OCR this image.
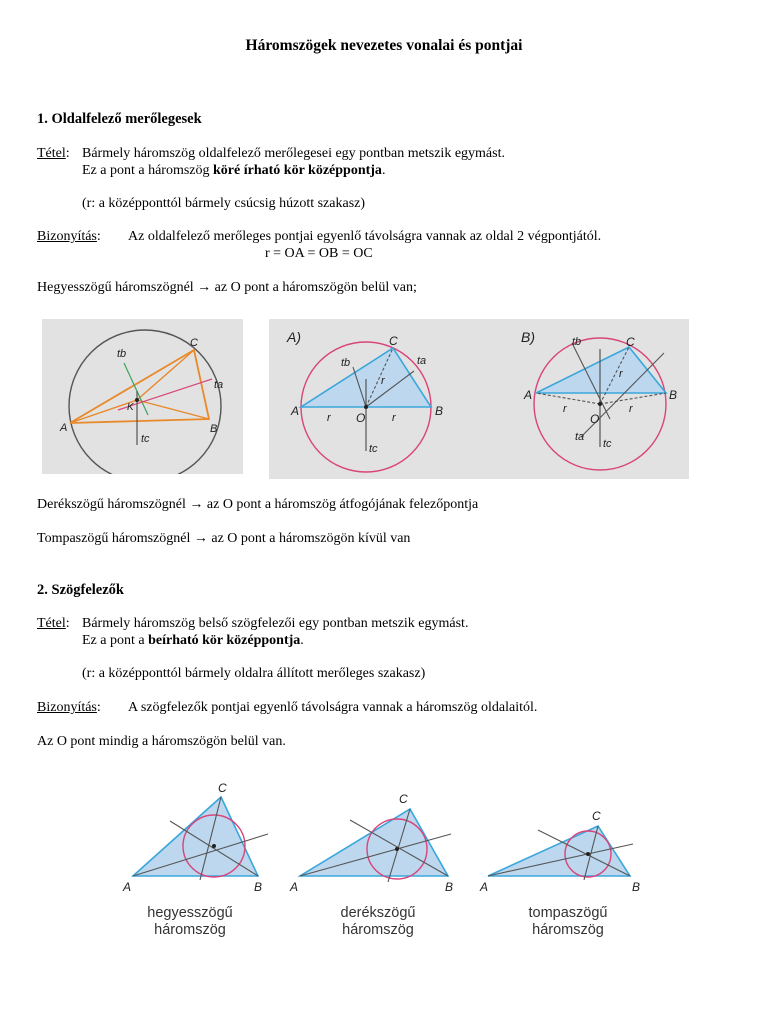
Háromszögek nevezetes vonalai és pontjai
1. Oldalfelező merőlegesek
Tétel: Bármely háromszög oldalfelező merőlegesei egy pontban metszik egymást.
Ez a pont a háromszög köré írható kör középpontja.
(r: a középponttól bármely csúcsig húzott szakasz)
Bizonyítás: Az oldalfelező merőleges pontjai egyenlő távolságra vannak az oldal 2 végpontjától.
r = OA = OB = OC
Hegyesszögű háromszögnél → az O pont a háromszögön belül van;
tb
ta
tc
C
A	B
K
A)
A	B
C
O
r	r
r
tb	ta
tc
B)
A	B
C
O
r	r
r
tb
ta
tc
Derékszögű háromszögnél → az O pont a háromszög átfogójának felezőpontja
Tompaszögű háromszögnél → az O pont a háromszögön kívül van
2. Szögfelezők
Tétel: Bármely háromszög belső szögfelezői egy pontban metszik egymást.
Ez a pont a beírható kör középpontja.
(r: a középponttól bármely oldalra állított merőleges szakasz)
Bizonyítás: A szögfelezők pontjai egyenlő távolságra vannak a háromszög oldalaitól.
Az O pont mindig a háromszögön belül van.
C
A	B
C
A	B
C
A	B
hegyesszögű
háromszög
derékszögű
háromszög
tompaszögű
háromszög
